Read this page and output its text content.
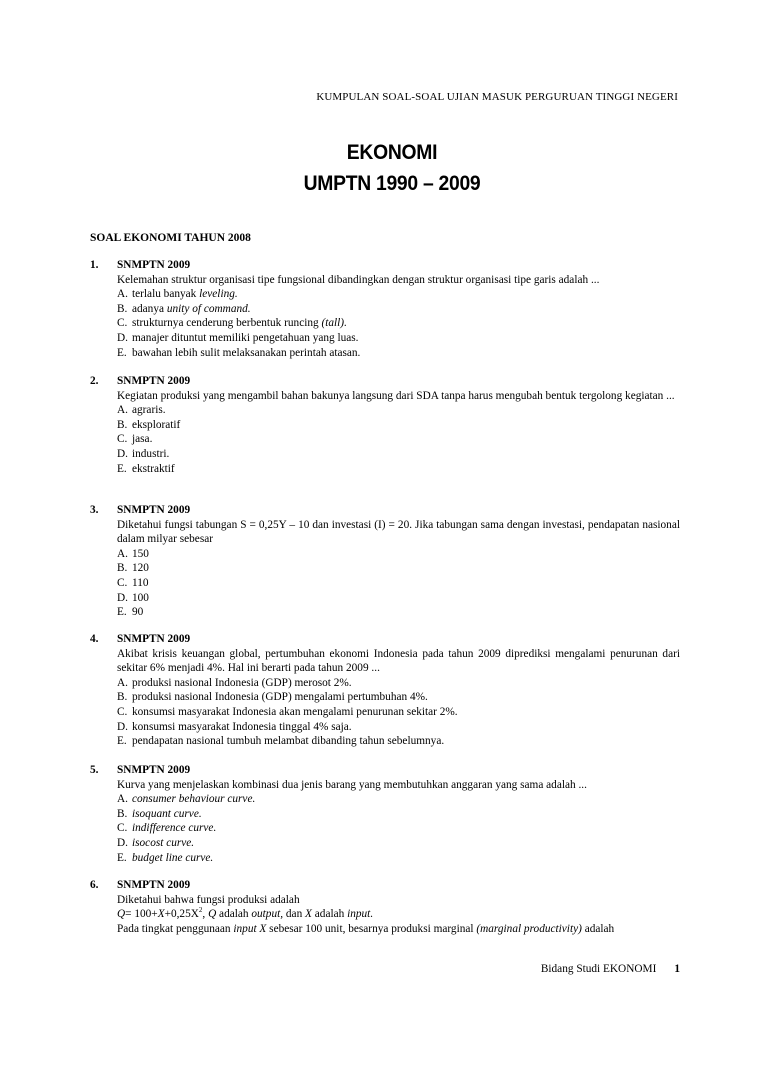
KUMPULAN SOAL-SOAL UJIAN MASUK PERGURUAN TINGGI NEGERI
EKONOMI
UMPTN 1990 – 2009
SOAL EKONOMI TAHUN 2008
1. SNMPTN 2009
Kelemahan struktur organisasi tipe fungsional dibandingkan dengan struktur organisasi tipe garis adalah ...
A. terlalu banyak leveling.
B. adanya unity of command.
C. strukturnya cenderung berbentuk runcing (tall).
D. manajer dituntut memiliki pengetahuan yang luas.
E. bawahan lebih sulit melaksanakan perintah atasan.
2. SNMPTN 2009
Kegiatan produksi yang mengambil bahan bakunya langsung dari SDA tanpa harus mengubah bentuk tergolong kegiatan ...
A. agraris.
B. eksploratif
C. jasa.
D. industri.
E. ekstraktif
3. SNMPTN 2009
Diketahui fungsi tabungan S = 0,25Y – 10 dan investasi (I) = 20. Jika tabungan sama dengan investasi, pendapatan nasional dalam milyar sebesar
A. 150
B. 120
C. 110
D. 100
E. 90
4. SNMPTN 2009
Akibat krisis keuangan global, pertumbuhan ekonomi Indonesia pada tahun 2009 diprediksi mengalami penurunan dari sekitar 6% menjadi 4%. Hal ini berarti pada tahun 2009 ...
A. produksi nasional Indonesia (GDP) merosot 2%.
B. produksi nasional Indonesia (GDP) mengalami pertumbuhan 4%.
C. konsumsi masyarakat Indonesia akan mengalami penurunan sekitar 2%.
D. konsumsi masyarakat Indonesia tinggal 4% saja.
E. pendapatan nasional tumbuh melambat dibanding tahun sebelumnya.
5. SNMPTN 2009
Kurva yang menjelaskan kombinasi dua jenis barang yang membutuhkan anggaran yang sama adalah ...
A. consumer behaviour curve.
B. isoquant curve.
C. indifference curve.
D. isocost curve.
E. budget line curve.
6. SNMPTN 2009
Diketahui bahwa fungsi produksi adalah
$Q= 100+X+0,25X^2$, Q adalah output, dan X adalah input.
Pada tingkat penggunaan input X sebesar 100 unit, besarnya produksi marginal (marginal productivity) adalah
Bidang Studi EKONOMI 1
